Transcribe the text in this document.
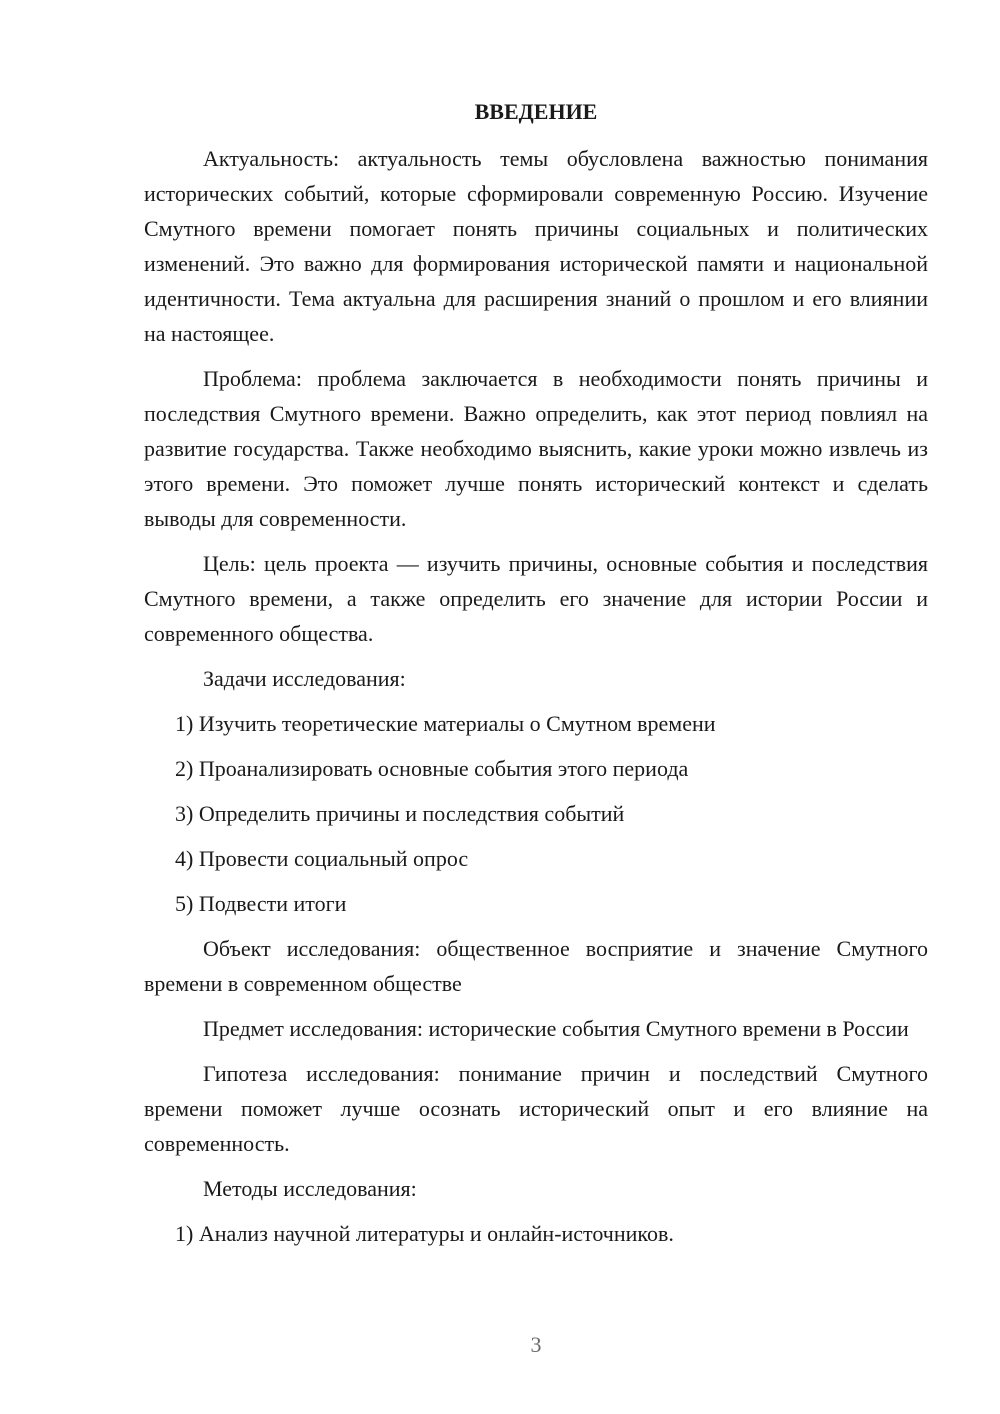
ВВЕДЕНИЕ

Актуальность: актуальность темы обусловлена важностью понимания исторических событий, которые сформировали современную Россию. Изучение Смутного времени помогает понять причины социальных и политических изменений. Это важно для формирования исторической памяти и национальной идентичности. Тема актуальна для расширения знаний о прошлом и его влиянии на настоящее.

Проблема: проблема заключается в необходимости понять причины и последствия Смутного времени. Важно определить, как этот период повлиял на развитие государства. Также необходимо выяснить, какие уроки можно извлечь из этого времени. Это поможет лучше понять исторический контекст и сделать выводы для современности.

Цель: цель проекта — изучить причины, основные события и последствия Смутного времени, а также определить его значение для истории России и современного общества.

Задачи исследования:

1) Изучить теоретические материалы о Смутном времени

2) Проанализировать основные события этого периода

3) Определить причины и последствия событий

4) Провести социальный опрос

5) Подвести итоги

Объект исследования: общественное восприятие и значение Смутного времени в современном обществе

Предмет исследования: исторические события Смутного времени в России

Гипотеза исследования: понимание причин и последствий Смутного времени поможет лучше осознать исторический опыт и его влияние на современность.

Методы исследования:

1) Анализ научной литературы и онлайн-источников.

3
